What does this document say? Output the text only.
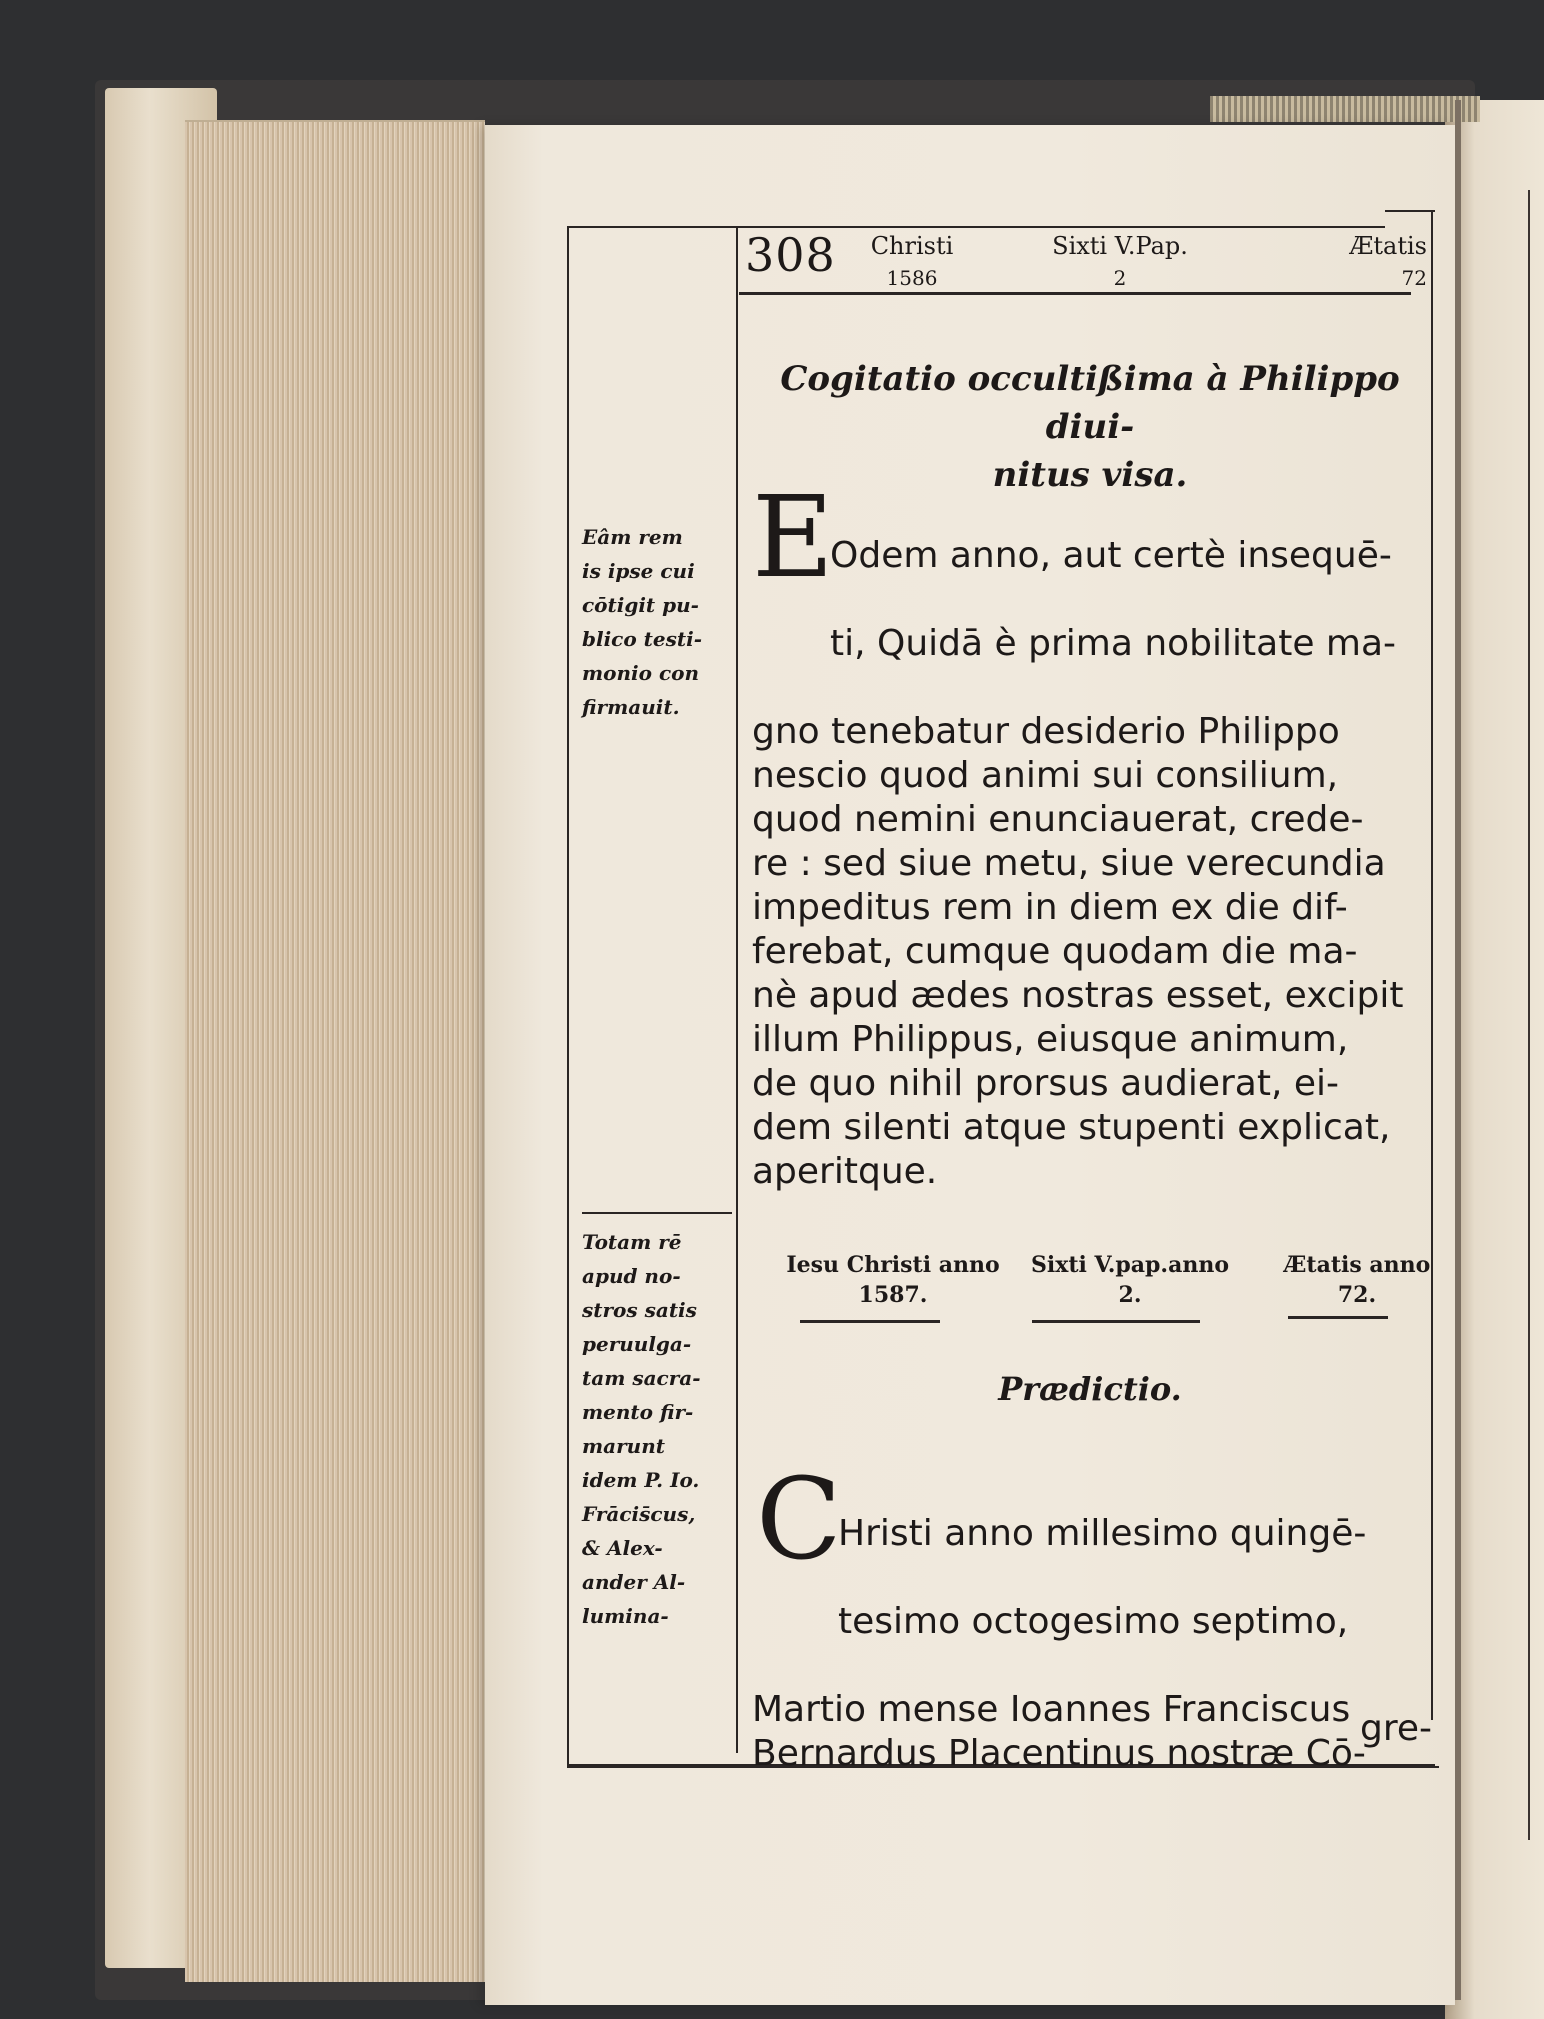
308	Christi
1586
Sixti V.Pap.
2
Ætatis
72
Cogitatio occultißima à Philippo diui-
nitus visa.
E

Odem anno, aut certè insequē-

ti, Quidā è prima nobilitate ma-

gno tenebatur desiderio Philippo
nescio quod animi sui consilium,
quod nemini enunciauerat, crede-
re : sed siue metu, siue verecundia
impeditus rem in diem ex die dif-
ferebat, cumque quodam die ma-
nè apud ædes nostras esset, excipit
illum Philippus, eiusque animum,
de quo nihil prorsus audierat, ei-
dem silenti atque stupenti explicat,
aperitque.

Eâm rem
is ipse cui
cōtigit pu-
blico testi-
monio con
firmauit.
Totam rē
apud no-
stros satis
peruulga-
tam sacra-
mento fir-
marunt
idem P. Io.
Frācis̄cus,
& Alex-
ander Al-
lumina-
Iesu Christi anno
1587.
Sixti V.pap.anno
2.
Ætatis anno
72.
Prædictio.
C

Hristi anno millesimo quingē-

tesimo octogesimo septimo,

Martio mense Ioannes Franciscus
Bernardus Placentinus nostræ Cō-

gre-
